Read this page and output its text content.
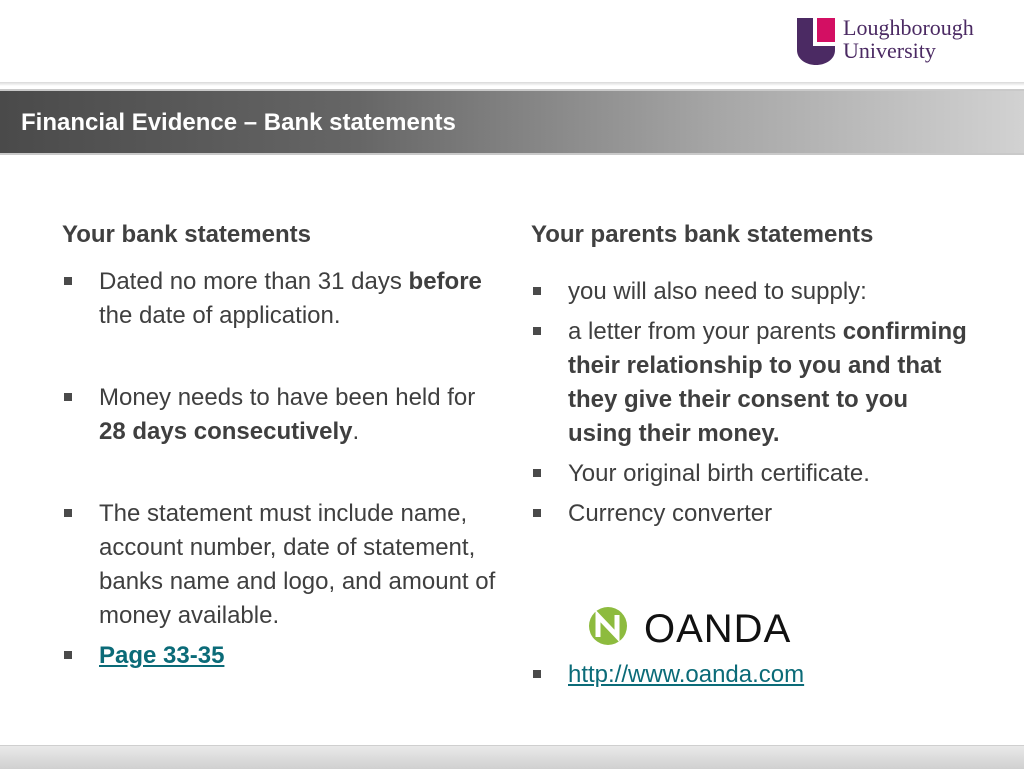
Loughborough
University
Financial Evidence – Bank statements
Your bank statements
Dated no more than 31 days before the date of application.
Money needs to have been held for 28 days consecutively.
The statement must include name, account number, date of statement, banks name and logo, and amount of money available.
Page 33-35
Your parents bank statements
you will also need to supply:
a letter from your parents confirming their relationship to you and that they give their consent to you using their money.
Your original birth certificate.
Currency converter
OANDA
http://www.oanda.com
